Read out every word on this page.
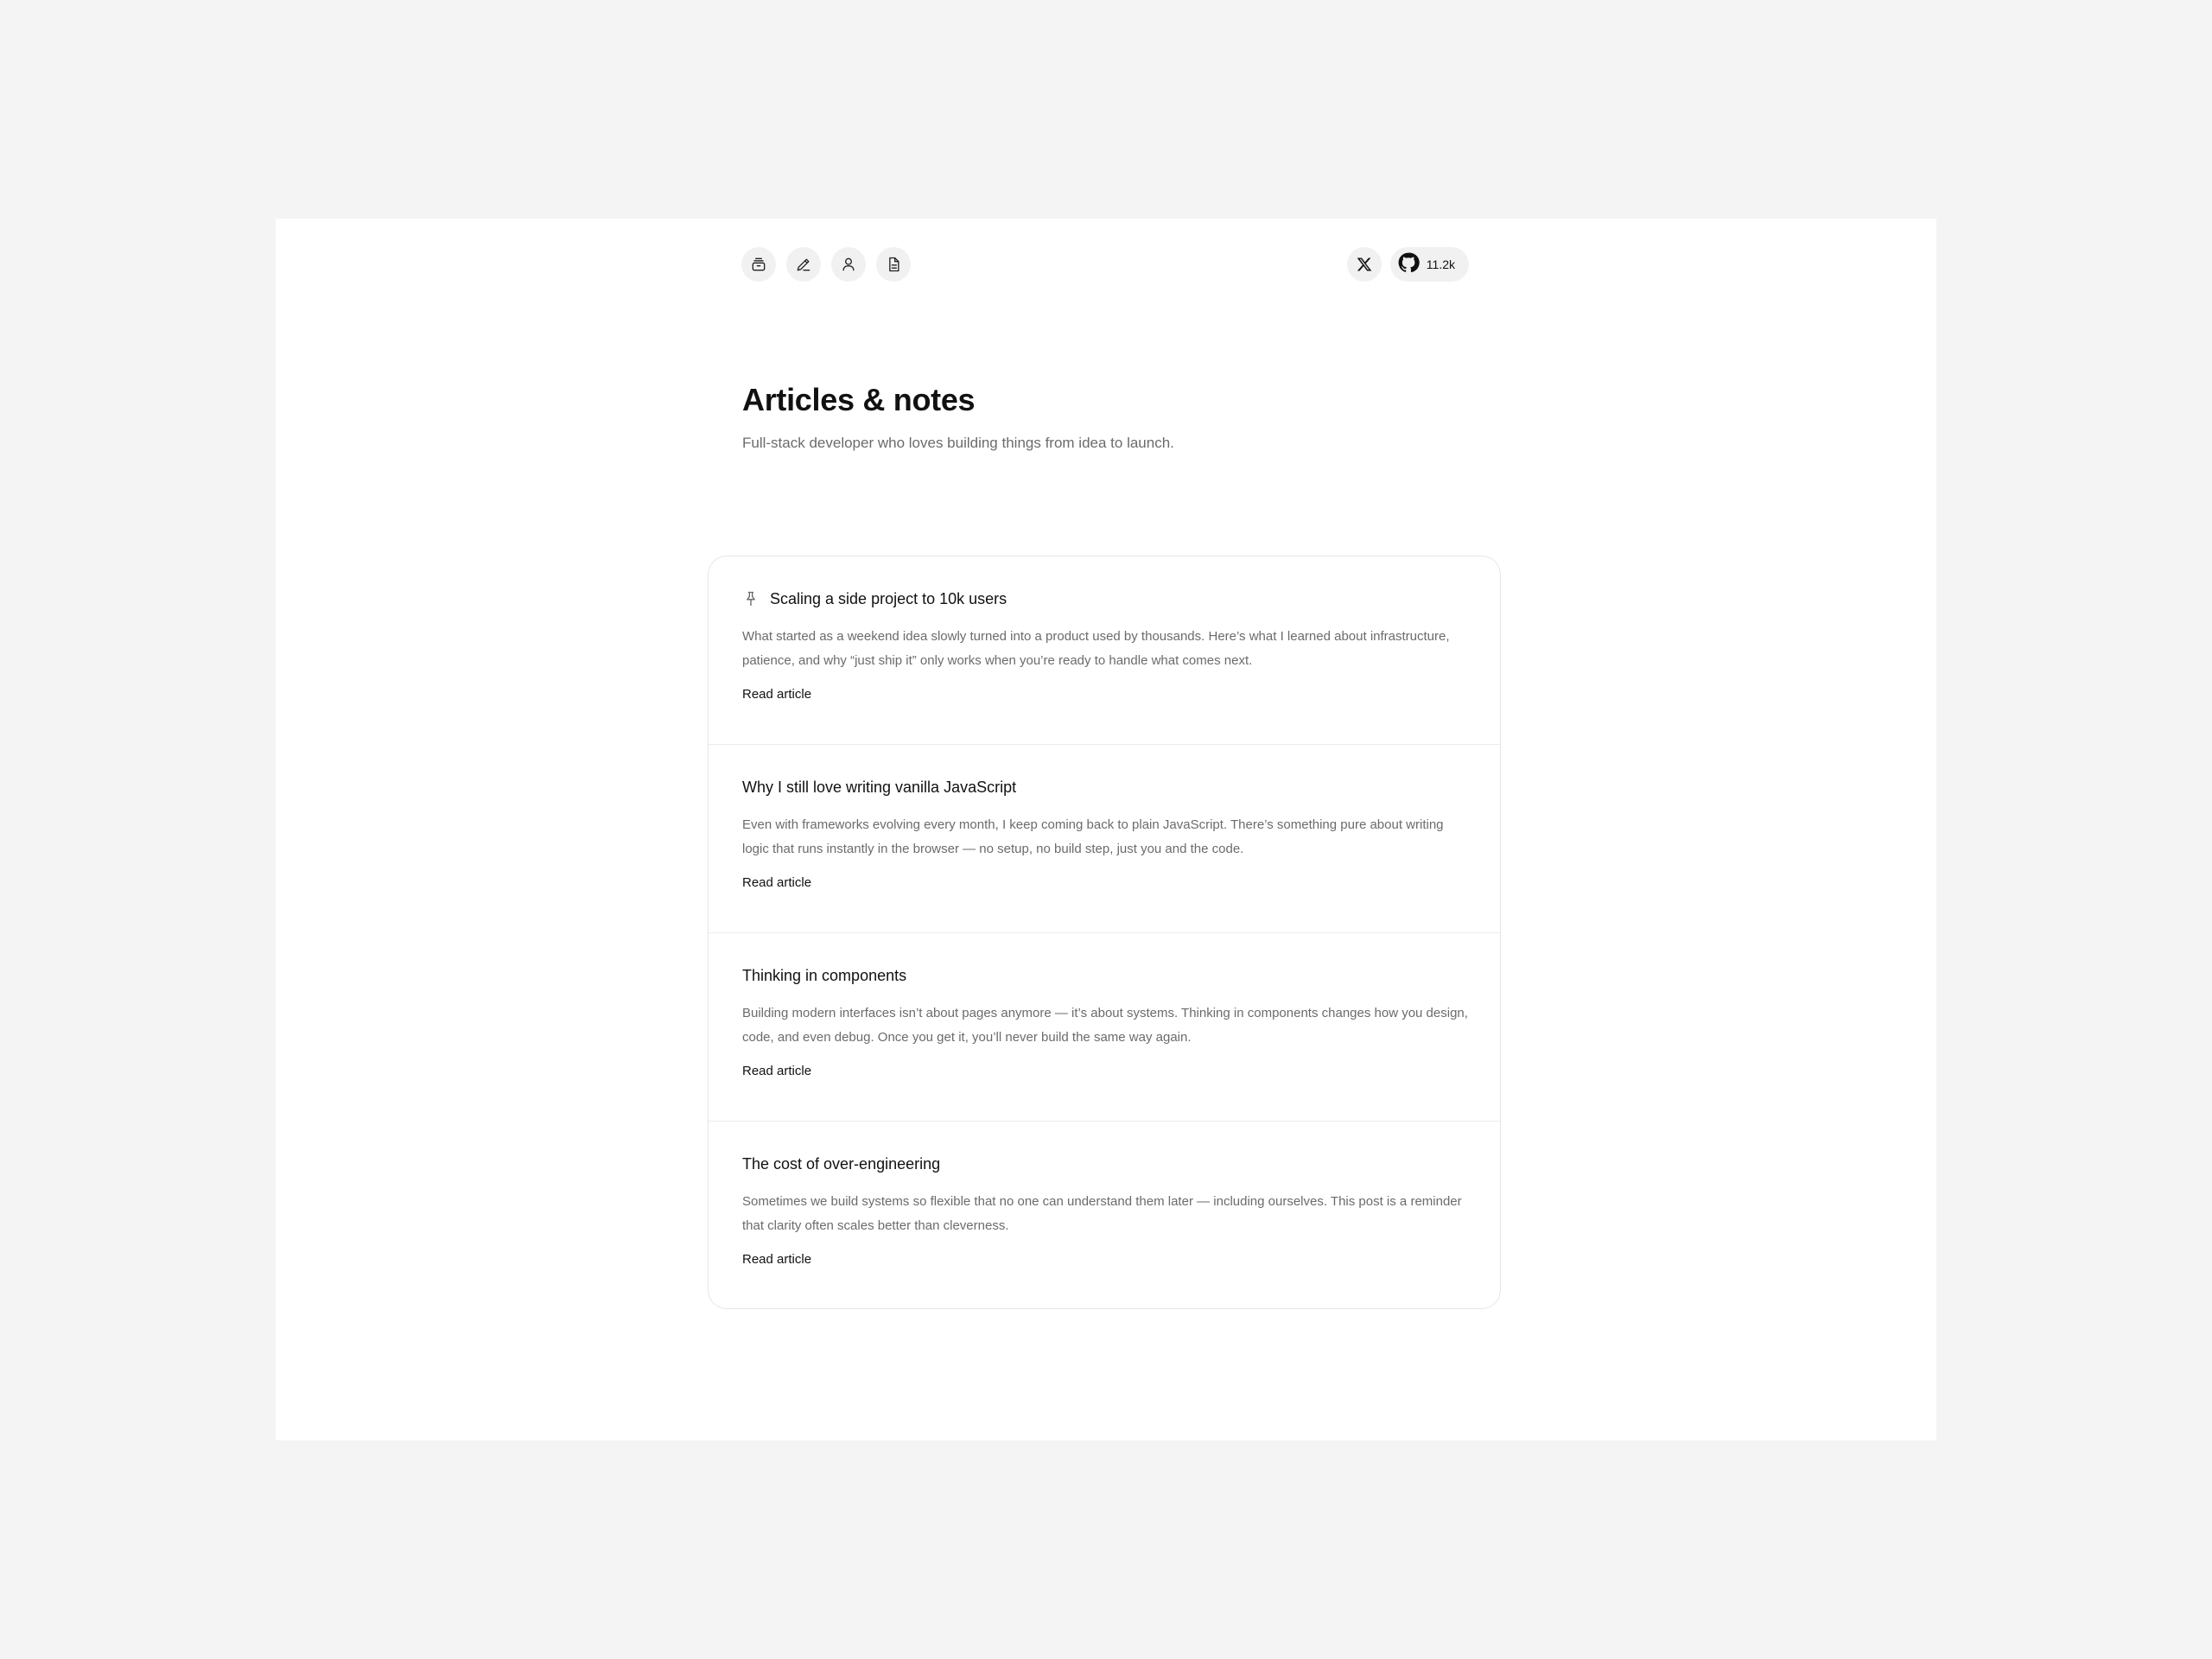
11.2k
Articles & notes

Full-stack developer who loves building things from idea to launch.

Scaling a side project to 10k users
What started as a weekend idea slowly turned into a product used by thousands. Here’s what I learned about infrastructure, patience, and why “just ship it” only works when you’re ready to handle what comes next.
Read article
Why I still love writing vanilla JavaScript
Even with frameworks evolving every month, I keep coming back to plain JavaScript. There’s something pure about writing logic that runs instantly in the browser — no setup, no build step, just you and the code.
Read article
Thinking in components
Building modern interfaces isn’t about pages anymore — it’s about systems. Thinking in components changes how you design, code, and even debug. Once you get it, you’ll never build the same way again.
Read article
The cost of over-engineering
Sometimes we build systems so flexible that no one can understand them later — including ourselves. This post is a reminder that clarity often scales better than cleverness.
Read article
